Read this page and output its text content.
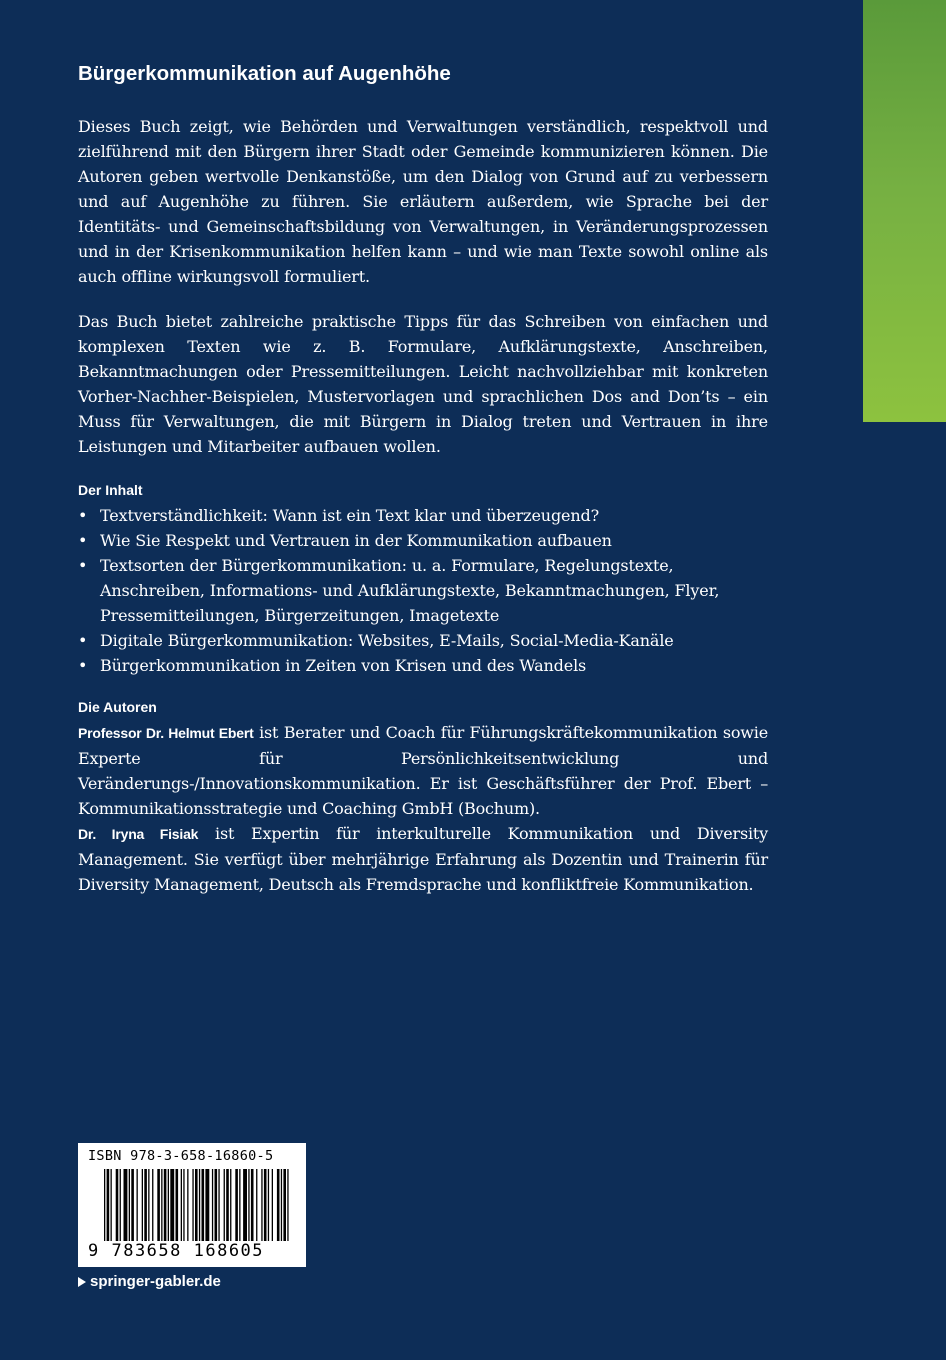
Bürgerkommunikation auf Augenhöhe

Dieses Buch zeigt, wie Behörden und Verwaltungen verständlich, respektvoll und zielführend mit den Bürgern ihrer Stadt oder Gemeinde kommunizieren können. Die Autoren geben wertvolle Denkanstöße, um den Dialog von Grund auf zu verbessern und auf Augenhöhe zu führen. Sie erläutern außerdem, wie Sprache bei der Identitäts- und Gemeinschaftsbildung von Verwaltungen, in Veränderungsprozessen und in der Krisenkommunikation helfen kann – und wie man Texte sowohl online als auch offline wirkungsvoll formuliert.

Das Buch bietet zahlreiche praktische Tipps für das Schreiben von einfachen und komplexen Texten wie z. B. Formulare, Aufklärungstexte, Anschreiben, Bekanntmachungen oder Pressemitteilungen. Leicht nachvollziehbar mit konkreten Vorher-Nachher-Beispielen, Mustervorlagen und sprachlichen Dos and Don’ts – ein Muss für Verwaltungen, die mit Bürgern in Dialog treten und Vertrauen in ihre Leistungen und Mitarbeiter aufbauen wollen.

Der Inhalt
• Textverständlichkeit: Wann ist ein Text klar und überzeugend?
• Wie Sie Respekt und Vertrauen in der Kommunikation aufbauen
• Textsorten der Bürgerkommunikation: u. a. Formulare, Regelungstexte, Anschreiben, Informations- und Aufklärungstexte, Bekanntmachungen, Flyer, Pressemitteilungen, Bürgerzeitungen, Imagetexte
• Digitale Bürgerkommunikation: Websites, E-Mails, Social-Media-Kanäle
• Bürgerkommunikation in Zeiten von Krisen und des Wandels
Die Autoren

Professor Dr. Helmut Ebert ist Berater und Coach für Führungskräftekommunikation sowie Experte für Persönlichkeitsentwicklung und Veränderungs-/Innovationskommunikation. Er ist Geschäftsführer der Prof. Ebert – Kommunikationsstrategie und Coaching GmbH (Bochum).

Dr. Iryna Fisiak ist Expertin für interkulturelle Kommunikation und Diversity Management. Sie verfügt über mehrjährige Erfahrung als Dozentin und Trainerin für Diversity Management, Deutsch als Fremdsprache und konfliktfreie Kommunikation.

ISBN 978-3-658-16860-5
9 783658 168605
springer-gabler.de
